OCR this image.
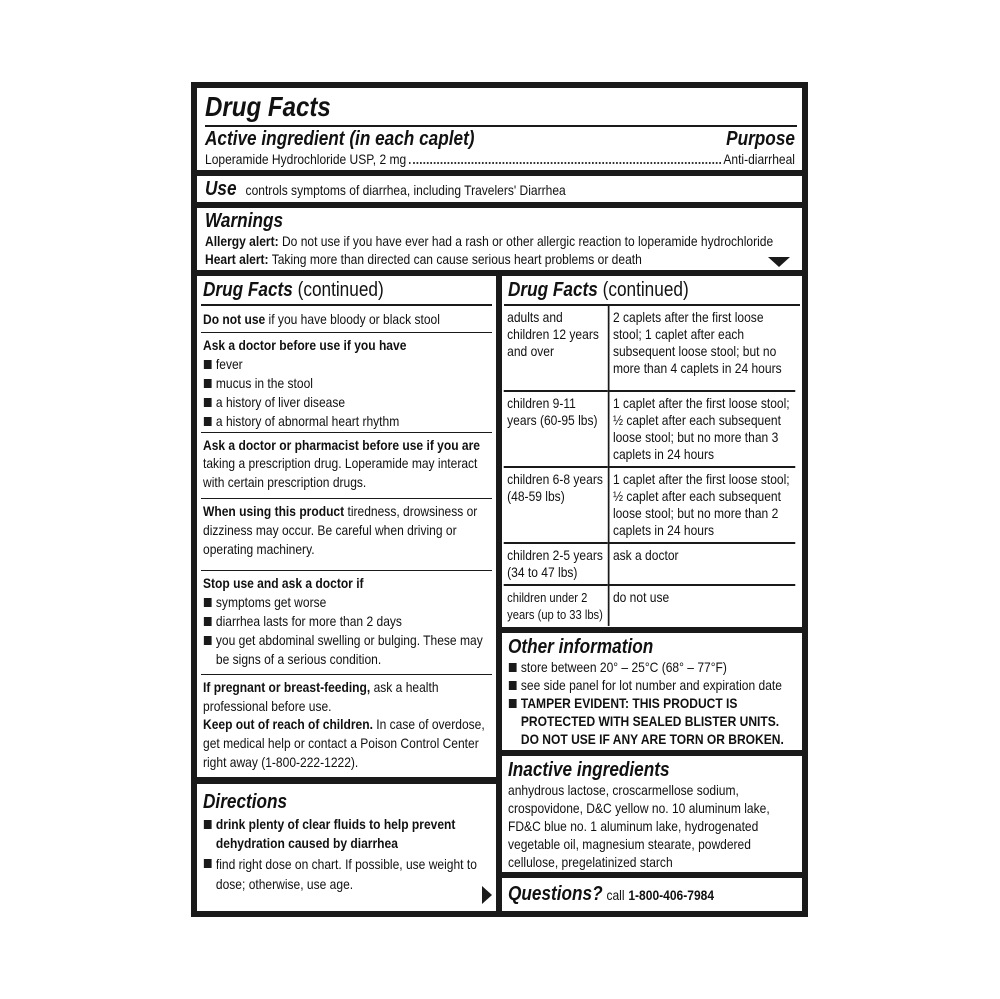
Drug Facts
Active ingredient (in each caplet)	Purpose
Loperamide Hydrochloride USP, 2 mg	Anti-diarrheal
Use controls symptoms of diarrhea, including Travelers' Diarrhea
Warnings
Allergy alert: Do not use if you have ever had a rash or other allergic reaction to loperamide hydrochloride
Heart alert: Taking more than directed can cause serious heart problems or death
Drug Facts (continued)
Do not use if you have bloody or black stool
Ask a doctor before use if you have
fever
mucus in the stool
a history of liver disease
a history of abnormal heart rhythm
Ask a doctor or pharmacist before use if you are
taking a prescription drug. Loperamide may interact with certain prescription drugs.
When using this product tiredness, drowsiness or dizziness may occur. Be careful when driving or operating machinery.
Stop use and ask a doctor if
symptoms get worse
diarrhea lasts for more than 2 days
you get abdominal swelling or bulging. These may be signs of a serious condition.
If pregnant or breast-feeding, ask a health professional before use.
Keep out of reach of children. In case of overdose, get medical help or contact a Poison Control Center right away (1-800-222-1222).
Directions
drink plenty of clear fluids to help prevent dehydration caused by diarrhea
find right dose on chart. If possible, use weight to dose; otherwise, use age.
Drug Facts (continued)
adults and children 12 years and over	2 caplets after the first loose stool; 1 caplet after each subsequent loose stool; but no more than 4 caplets in 24 hours
children 9-11 years (60-95 lbs)	1 caplet after the first loose stool; ½ caplet after each subsequent loose stool; but no more than 3 caplets in 24 hours
children 6-8 years (48-59 lbs)	1 caplet after the first loose stool; ½ caplet after each subsequent loose stool; but no more than 2 caplets in 24 hours
children 2-5 years (34 to 47 lbs)	ask a doctor
children under 2 years (up to 33 lbs)	do not use
Other information
store between 20° – 25°C (68° – 77°F)
see side panel for lot number and expiration date
TAMPER EVIDENT: THIS PRODUCT IS PROTECTED WITH SEALED BLISTER UNITS. DO NOT USE IF ANY ARE TORN OR BROKEN.
Inactive ingredients
anhydrous lactose, croscarmellose sodium, crospovidone, D&C yellow no. 10 aluminum lake, FD&C blue no. 1 aluminum lake, hydrogenated vegetable oil, magnesium stearate, powdered cellulose, pregelatinized starch
Questions? call 1-800-406-7984
